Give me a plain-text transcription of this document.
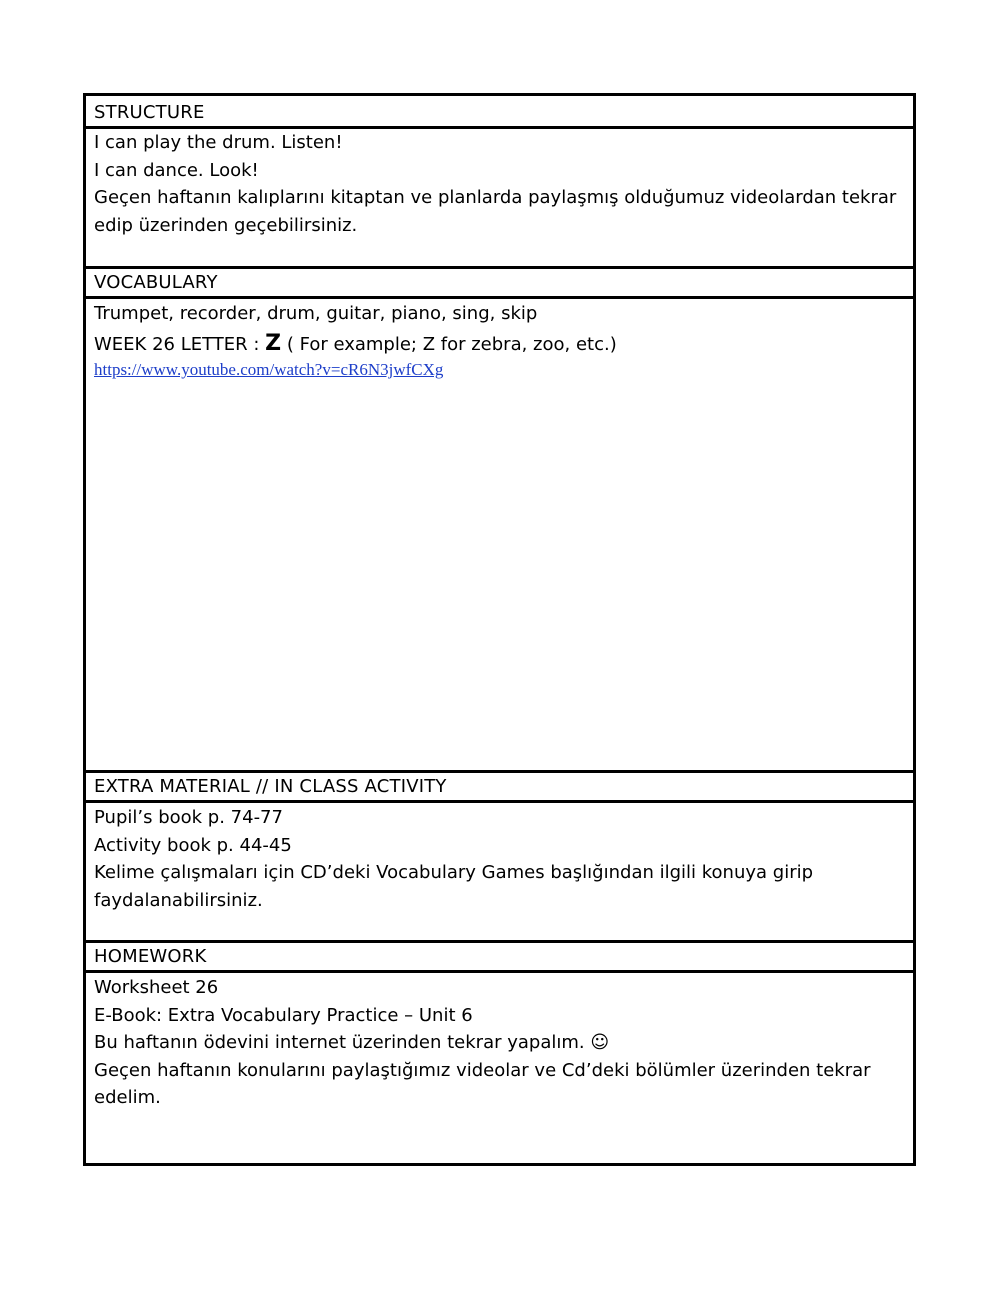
STRUCTURE
I can play the drum. Listen!
I can dance. Look!
Geçen haftanın kalıplarını kitaptan ve planlarda paylaşmış olduğumuz videolardan tekrar edip üzerinden geçebilirsiniz.
VOCABULARY
Trumpet, recorder, drum, guitar, piano, sing, skip
WEEK 26 LETTER : Z ( For example; Z for zebra, zoo, etc.)
https://www.youtube.com/watch?v=cR6N3jwfCXg
EXTRA MATERIAL // IN CLASS ACTIVITY
Pupil’s book p. 74-77
Activity book p. 44-45
Kelime çalışmaları için CD’deki Vocabulary Games başlığından ilgili konuya girip faydalanabilirsiniz.
HOMEWORK
Worksheet 26
E-Book: Extra Vocabulary Practice – Unit 6
Bu haftanın ödevini internet üzerinden tekrar yapalım. ☺
Geçen haftanın konularını paylaştığımız videolar ve Cd’deki bölümler üzerinden tekrar edelim.
